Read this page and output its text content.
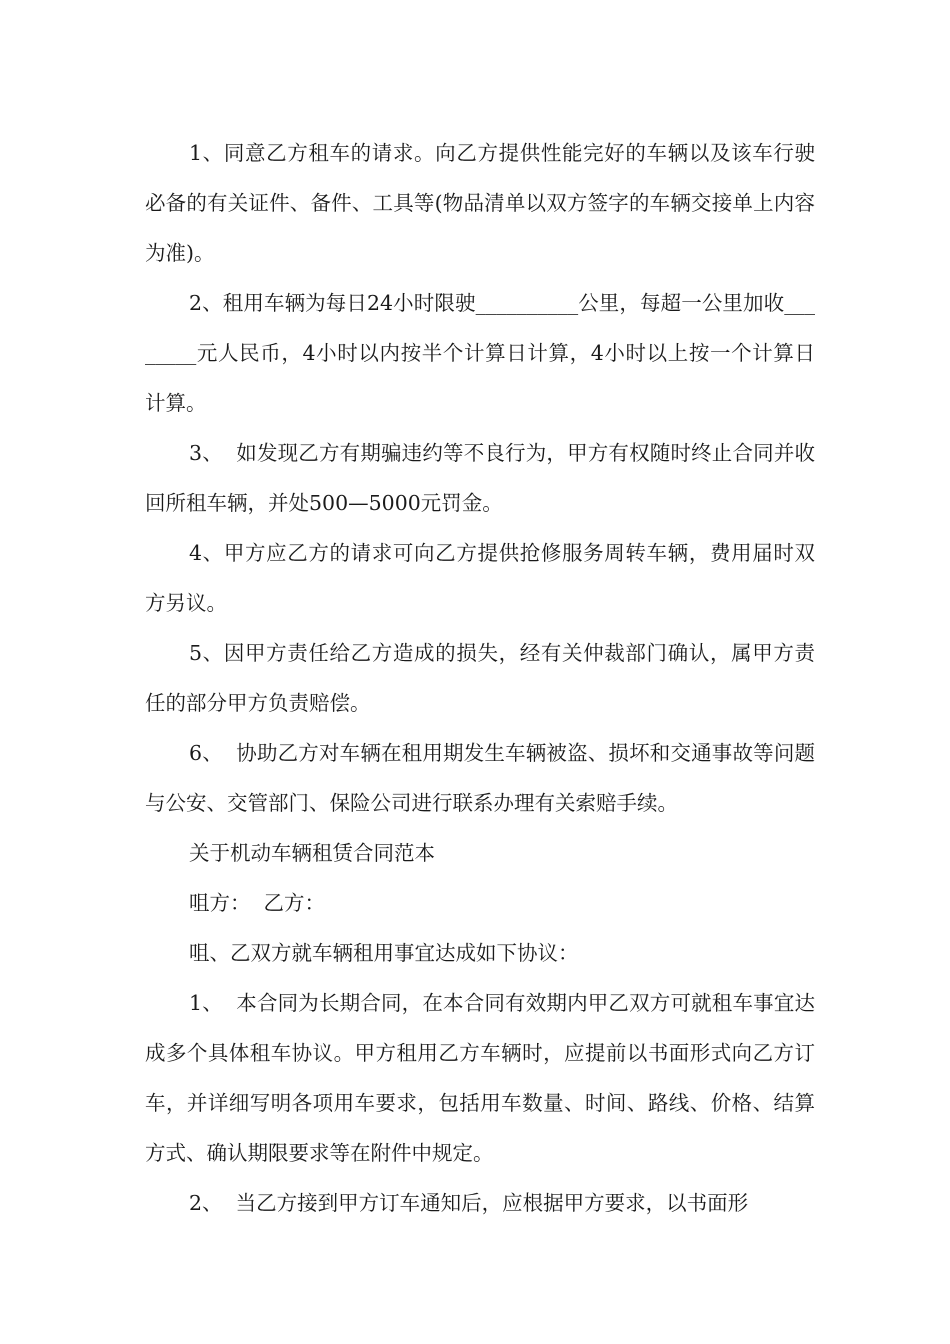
1、同意乙方租车的请求。向乙方提供性能完好的车辆以及该车行驶必备的有关证件、备件、工具等(物品清单以双方签字的车辆交接单上内容为准)。

2、租用车辆为每日24小时限驶__________公里，每超一公里加收________元人民币，4小时以内按半个计算日计算，4小时以上按一个计算日计算。

3、  如发现乙方有期骗违约等不良行为，甲方有权随时终止合同并收回所租车辆，并处500—5000元罚金。

4、甲方应乙方的请求可向乙方提供抢修服务周转车辆，费用届时双方另议。

5、因甲方责任给乙方造成的损失，经有关仲裁部门确认，属甲方责任的部分甲方负责赔偿。

6、  协助乙方对车辆在租用期发生车辆被盗、损坏和交通事故等问题与公安、交管部门、保险公司进行联系办理有关索赔手续。

关于机动车辆租赁合同范本

咀方：  乙方：

咀、乙双方就车辆租用事宜达成如下协议：

1、  本合同为长期合同，在本合同有效期内甲乙双方可就租车事宜达成多个具体租车协议。甲方租用乙方车辆时，应提前以书面形式向乙方订车，并详细写明各项用车要求，包括用车数量、时间、路线、价格、结算方式、确认期限要求等在附件中规定。

2、  当乙方接到甲方订车通知后，应根据甲方要求，以书面形
